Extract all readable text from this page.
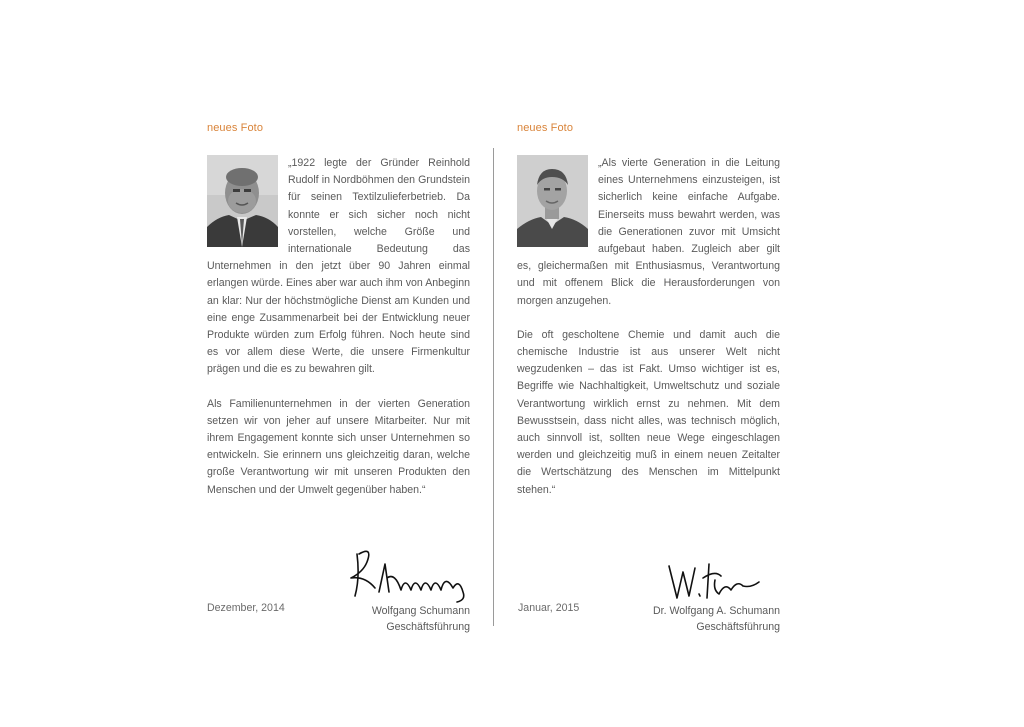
neues Foto

„1922 legte der Gründer Reinhold Rudolf in Nordböhmen den Grundstein für seinen Textilzulieferbetrieb. Da konnte er sich sicher noch nicht vorstellen, welche Größe und internationale Bedeutung das Unternehmen in den jetzt über 90 Jahren einmal erlangen würde. Eines aber war auch ihm von Anbeginn an klar: Nur der höchstmögliche Dienst am Kunden und eine enge Zusammenarbeit bei der Entwicklung neuer Produkte würden zum Erfolg führen. Noch heute sind es vor allem diese Werte, die unsere Firmenkultur prägen und die es zu bewahren gilt.

Als Familienunternehmen in der vierten Generation setzen wir von jeher auf unsere Mitarbeiter. Nur mit ihrem Engagement konnte sich unser Unternehmen so entwickeln. Sie erinnern uns gleichzeitig daran, welche große Verantwortung wir mit unseren Produkten den Menschen und der Umwelt gegenüber haben.“

neues Foto

„Als vierte Generation in die Leitung eines Unternehmens einzusteigen, ist sicherlich keine einfache Aufgabe. Einerseits muss bewahrt werden, was die Generationen zuvor mit Umsicht aufgebaut haben. Zugleich aber gilt es, gleichermaßen mit Enthusiasmus, Verantwortung und mit offenem Blick die Herausforderungen von morgen anzugehen.

Die oft gescholtene Chemie und damit auch die chemische Industrie ist aus unserer Welt nicht wegzudenken – das ist Fakt. Umso wichtiger ist es, Begriffe wie Nachhaltigkeit, Umweltschutz und soziale Verantwortung wirklich ernst zu nehmen. Mit dem Bewusstsein, dass nicht alles, was technisch möglich, auch sinnvoll ist, sollten neue Wege eingeschlagen werden und gleichzeitig muß in einem neuen Zeitalter die Wertschätzung des Menschen im Mittelpunkt stehen.“

Dezember, 2014	Wolfgang Schumann
Geschäftsführung
Januar, 2015	Dr. Wolfgang A. Schumann
Geschäftsführung
